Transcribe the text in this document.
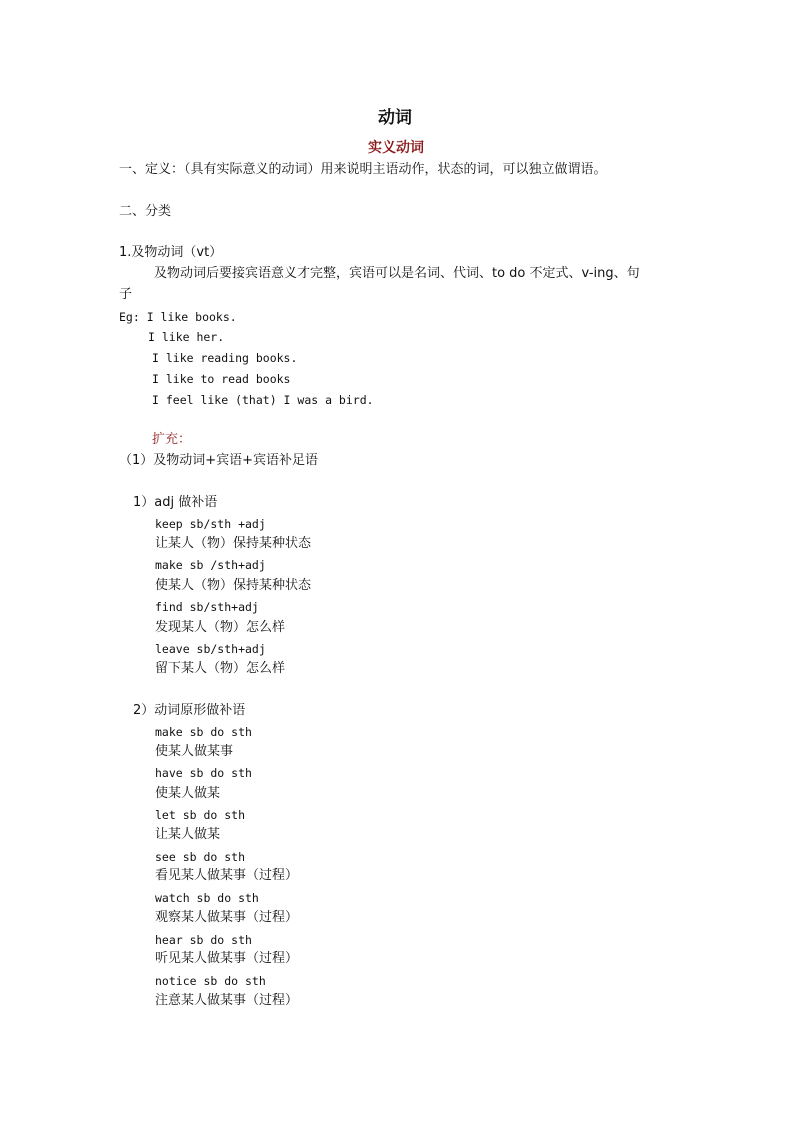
动词
实义动词
一、定义：（具有实际意义的动词）用来说明主语动作，状态的词，可以独立做谓语。
二、分类
1.及物动词（vt）
及物动词后要接宾语意义才完整，宾语可以是名词、代词、to do 不定式、v-ing、句
子
Eg: I like books.
I like her.
I like reading books.
I like to read books
I feel like (that) I was a bird.
扩充：
（1）及物动词+宾语+宾语补足语
1）adj 做补语
keep sb/sth +adj
让某人（物）保持某种状态
make sb /sth+adj
使某人（物）保持某种状态
find sb/sth+adj
发现某人（物）怎么样
leave sb/sth+adj
留下某人（物）怎么样
2）动词原形做补语
make sb do sth
使某人做某事
have sb do sth
使某人做某
let sb do sth
让某人做某
see sb do sth
看见某人做某事（过程）
watch sb do sth
观察某人做某事（过程）
hear sb do sth
听见某人做某事（过程）
notice sb do sth
注意某人做某事（过程）
